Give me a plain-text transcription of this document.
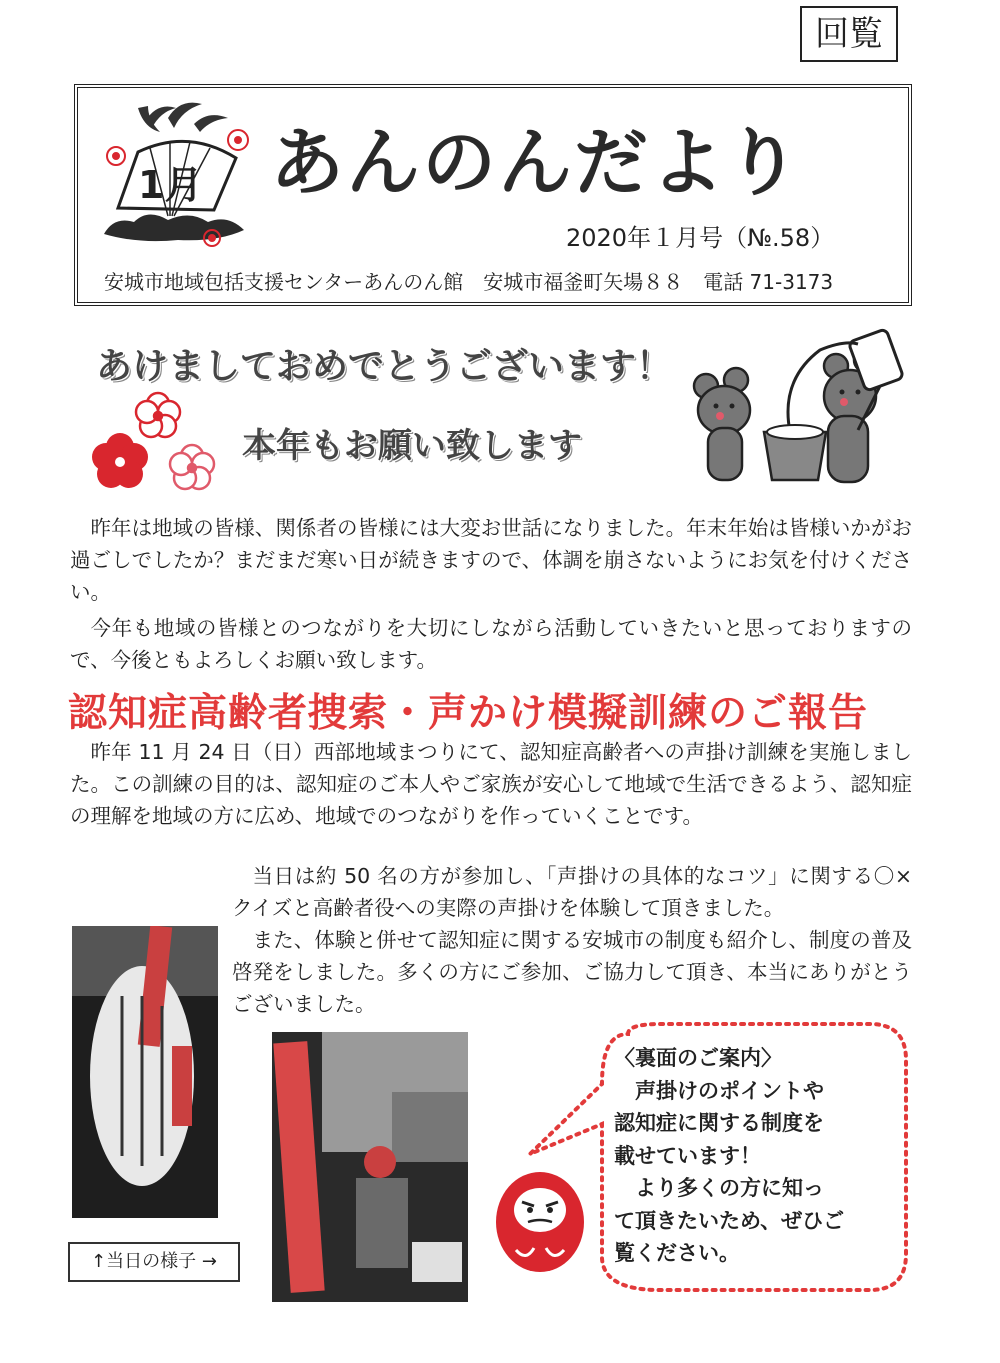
回覧
1月 あんのんだより
2020年１月号（№.58）
安城市地域包括支援センターあんのん館　安城市福釜町矢場８８　電話 71-3173
あけましておめでとうございます！
本年もお願い致します
昨年は地域の皆様、関係者の皆様には大変お世話になりました。年末年始は皆様いかがお過ごしでしたか？まだまだ寒い日が続きますので、体調を崩さないようにお気を付けください。
今年も地域の皆様とのつながりを大切にしながら活動していきたいと思っておりますので、今後ともよろしくお願い致します。
認知症高齢者捜索・声かけ模擬訓練のご報告
昨年 11 月 24 日（日）西部地域まつりにて、認知症高齢者への声掛け訓練を実施しました。この訓練の目的は、認知症のご本人やご家族が安心して地域で生活できるよう、認知症の理解を地域の方に広め、地域でのつながりを作っていくことです。
当日は約 50 名の方が参加し、「声掛けの具体的なコツ」に関する〇×クイズと高齢者役への実際の声掛けを体験して頂きました。
また、体験と併せて認知症に関する安城市の制度も紹介し、制度の普及啓発をしました。多くの方にご参加、ご協力して頂き、本当にありがとうございました。
↑当日の様子 →
〈裏面のご案内〉
　声掛けのポイントや
認知症に関する制度を
載せています！
　より多くの方に知っ
て頂きたいため、ぜひご
覧ください。
